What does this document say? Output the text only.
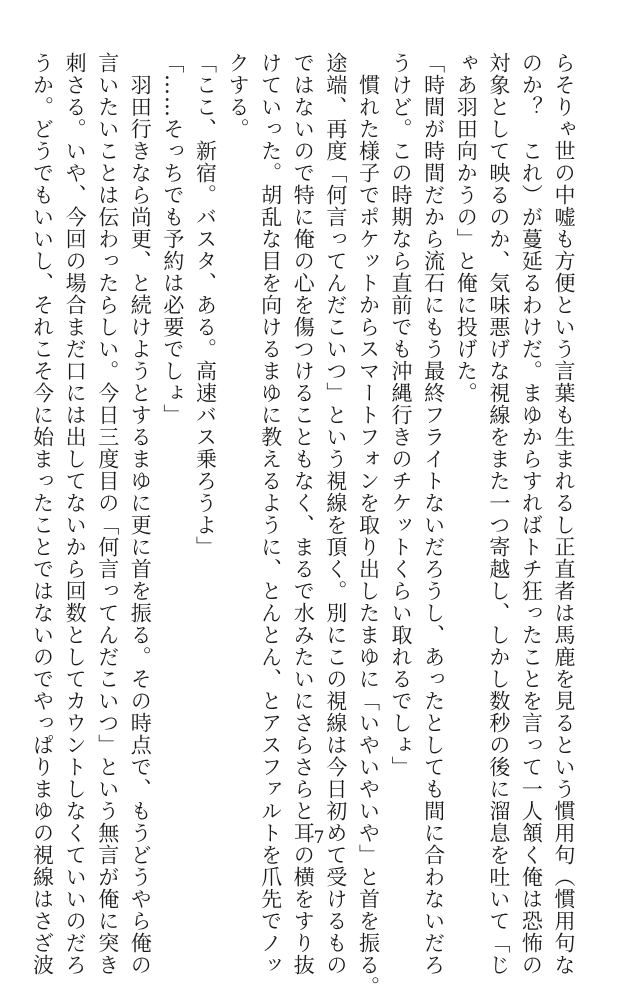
らそりゃ世の中嘘も方便という言葉も生まれるし正直者は馬鹿を見るという慣用句（慣用句な
のか？　これ）が蔓延るわけだ。まゆからすればトチ狂ったことを言って一人頷く俺は恐怖の
対象として映るのか、気味悪げな視線をまた一つ寄越し、しかし数秒の後に溜息を吐いて「じ
ゃあ羽田向かうの」と俺に投げた。
「時間が時間だから流石にもう最終フライトないだろうし、あったとしても間に合わないだろ
うけど。この時期なら直前でも沖縄行きのチケットくらい取れるでしょ」
　慣れた様子でポケットからスマートフォンを取り出したまゆに「いやいやいや」と首を振る。
途端、再度「何言ってんだこいつ」という視線を頂く。別にこの視線は今日初めて受けるもの
ではないので特に俺の心を傷つけることもなく、まるで水みたいにさらさらと耳の横をすり抜
けていった。胡乱な目を向けるまゆに教えるように、とんとん、とアスファルトを爪先でノッ
クする。
「ここ、新宿。バスタ、ある。高速バス乗ろうよ」
「……そっちでも予約は必要でしょ」
　羽田行きなら尚更、と続けようとするまゆに更に首を振る。その時点で、もうどうやら俺の
言いたいことは伝わったらしい。今日三度目の「何言ってんだこいつ」という無言が俺に突き
刺さる。いや、今回の場合まだ口には出してないから回数としてカウントしなくていいのだろ
うか。どうでもいいし、それこそ今に始まったことではないのでやっぱりまゆの視線はさざ波	7
